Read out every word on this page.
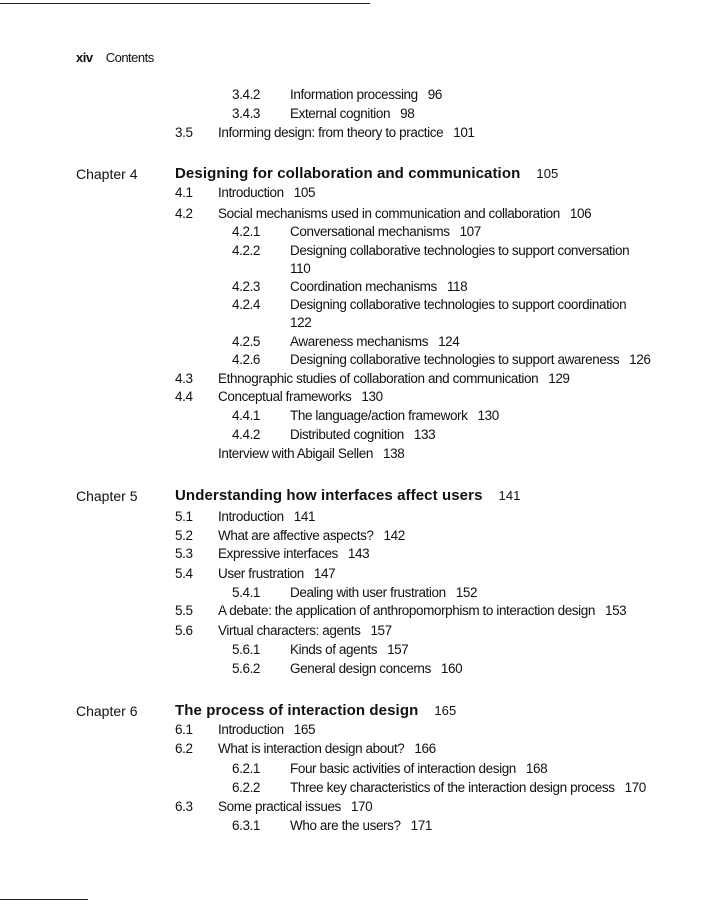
xiv Contents
3.4.2 Information processing 96
3.4.3 External cognition 98
3.5 Informing design: from theory to practice 101
Chapter 4	Designing for collaboration and communication 105
4.1 Introduction 105
4.2 Social mechanisms used in communication and collaboration 106
4.2.1 Conversational mechanisms 107
4.2.2 Designing collaborative technologies to support conversation
110
4.2.3 Coordination mechanisms 118
4.2.4 Designing collaborative technologies to support coordination
122
4.2.5 Awareness mechanisms 124
4.2.6 Designing collaborative technologies to support awareness 126
4.3 Ethnographic studies of collaboration and communication 129
4.4 Conceptual frameworks 130
4.4.1 The language/action framework 130
4.4.2 Distributed cognition 133
Interview with Abigail Sellen 138
Chapter 5	Understanding how interfaces affect users 141
5.1 Introduction 141
5.2 What are affective aspects? 142
5.3 Expressive interfaces 143
5.4 User frustration 147
5.4.1 Dealing with user frustration 152
5.5 A debate: the application of anthropomorphism to interaction design 153
5.6 Virtual characters: agents 157
5.6.1 Kinds of agents 157
5.6.2 General design concerns 160
Chapter 6	The process of interaction design 165
6.1 Introduction 165
6.2 What is interaction design about? 166
6.2.1 Four basic activities of interaction design 168
6.2.2 Three key characteristics of the interaction design process 170
6.3 Some practical issues 170
6.3.1 Who are the users? 171
